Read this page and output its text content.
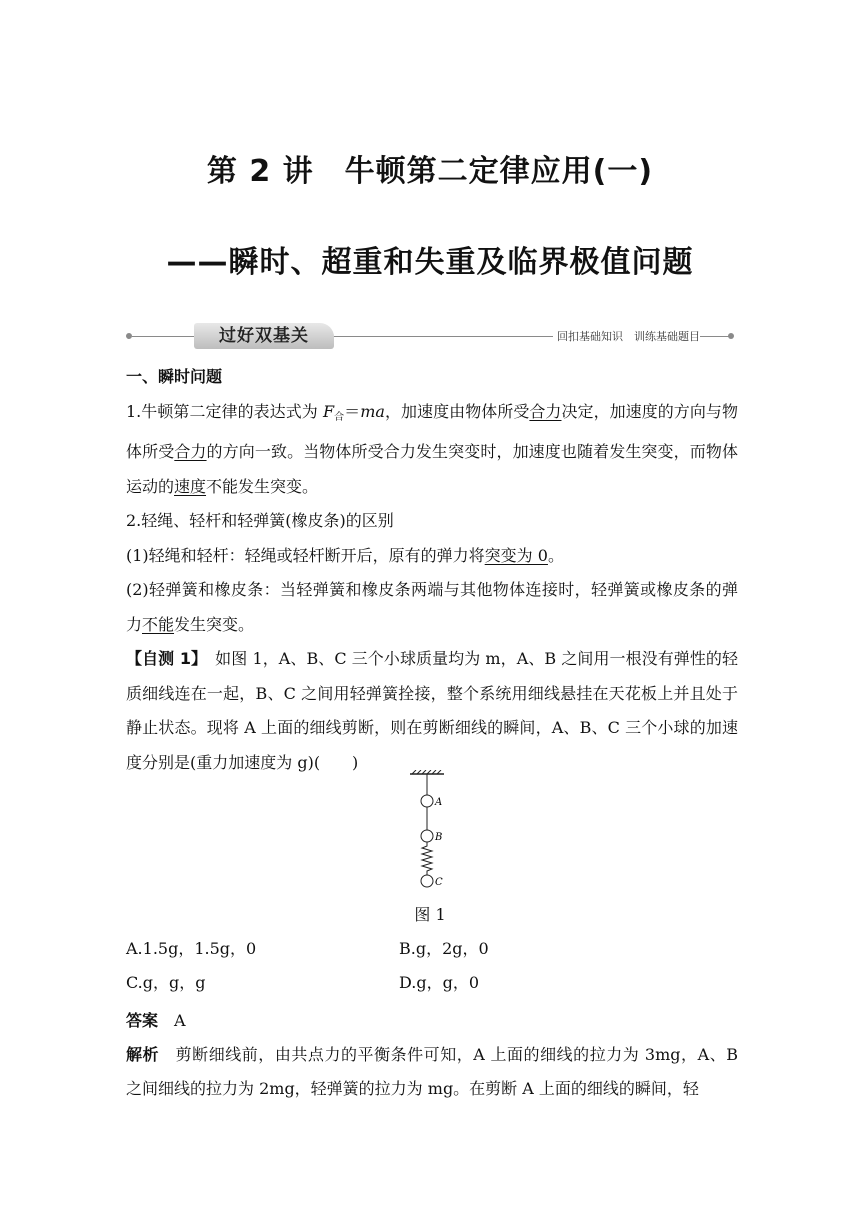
第 2 讲　牛顿第二定律应用(一)
——瞬时、超重和失重及临界极值问题
过好双基关	回扣基础知识　训练基础题目

一、瞬时问题

1.牛顿第二定律的表达式为 $F_合=ma$，加速度由物体所受合力决定，加速度的方向与物体所受合力的方向一致。当物体所受合力发生突变时，加速度也随着发生突变，而物体运动的速度不能发生突变。

2.轻绳、轻杆和轻弹簧(橡皮条)的区别

(1)轻绳和轻杆：轻绳或轻杆断开后，原有的弹力将突变为 0。

(2)轻弹簧和橡皮条：当轻弹簧和橡皮条两端与其他物体连接时，轻弹簧或橡皮条的弹力不能发生突变。

【自测 1】　如图 1，A、B、C 三个小球质量均为 m，A、B 之间用一根没有弹性的轻质细线连在一起，B、C 之间用轻弹簧拴接，整个系统用细线悬挂在天花板上并且处于静止状态。现将 A 上面的细线剪断，则在剪断细线的瞬间，A、B、C 三个小球的加速度分别是(重力加速度为 g)(　　)

A
B
C
图 1
A.1.5g，1.5g，0	B.g，2g，0
C.g，g，g	D.g，g，0

答案　 A

解析　 剪断细线前，由共点力的平衡条件可知，A 上面的细线的拉力为 3mg，A、B 之间细线的拉力为 2mg，轻弹簧的拉力为 mg。在剪断 A 上面的细线的瞬间，轻
